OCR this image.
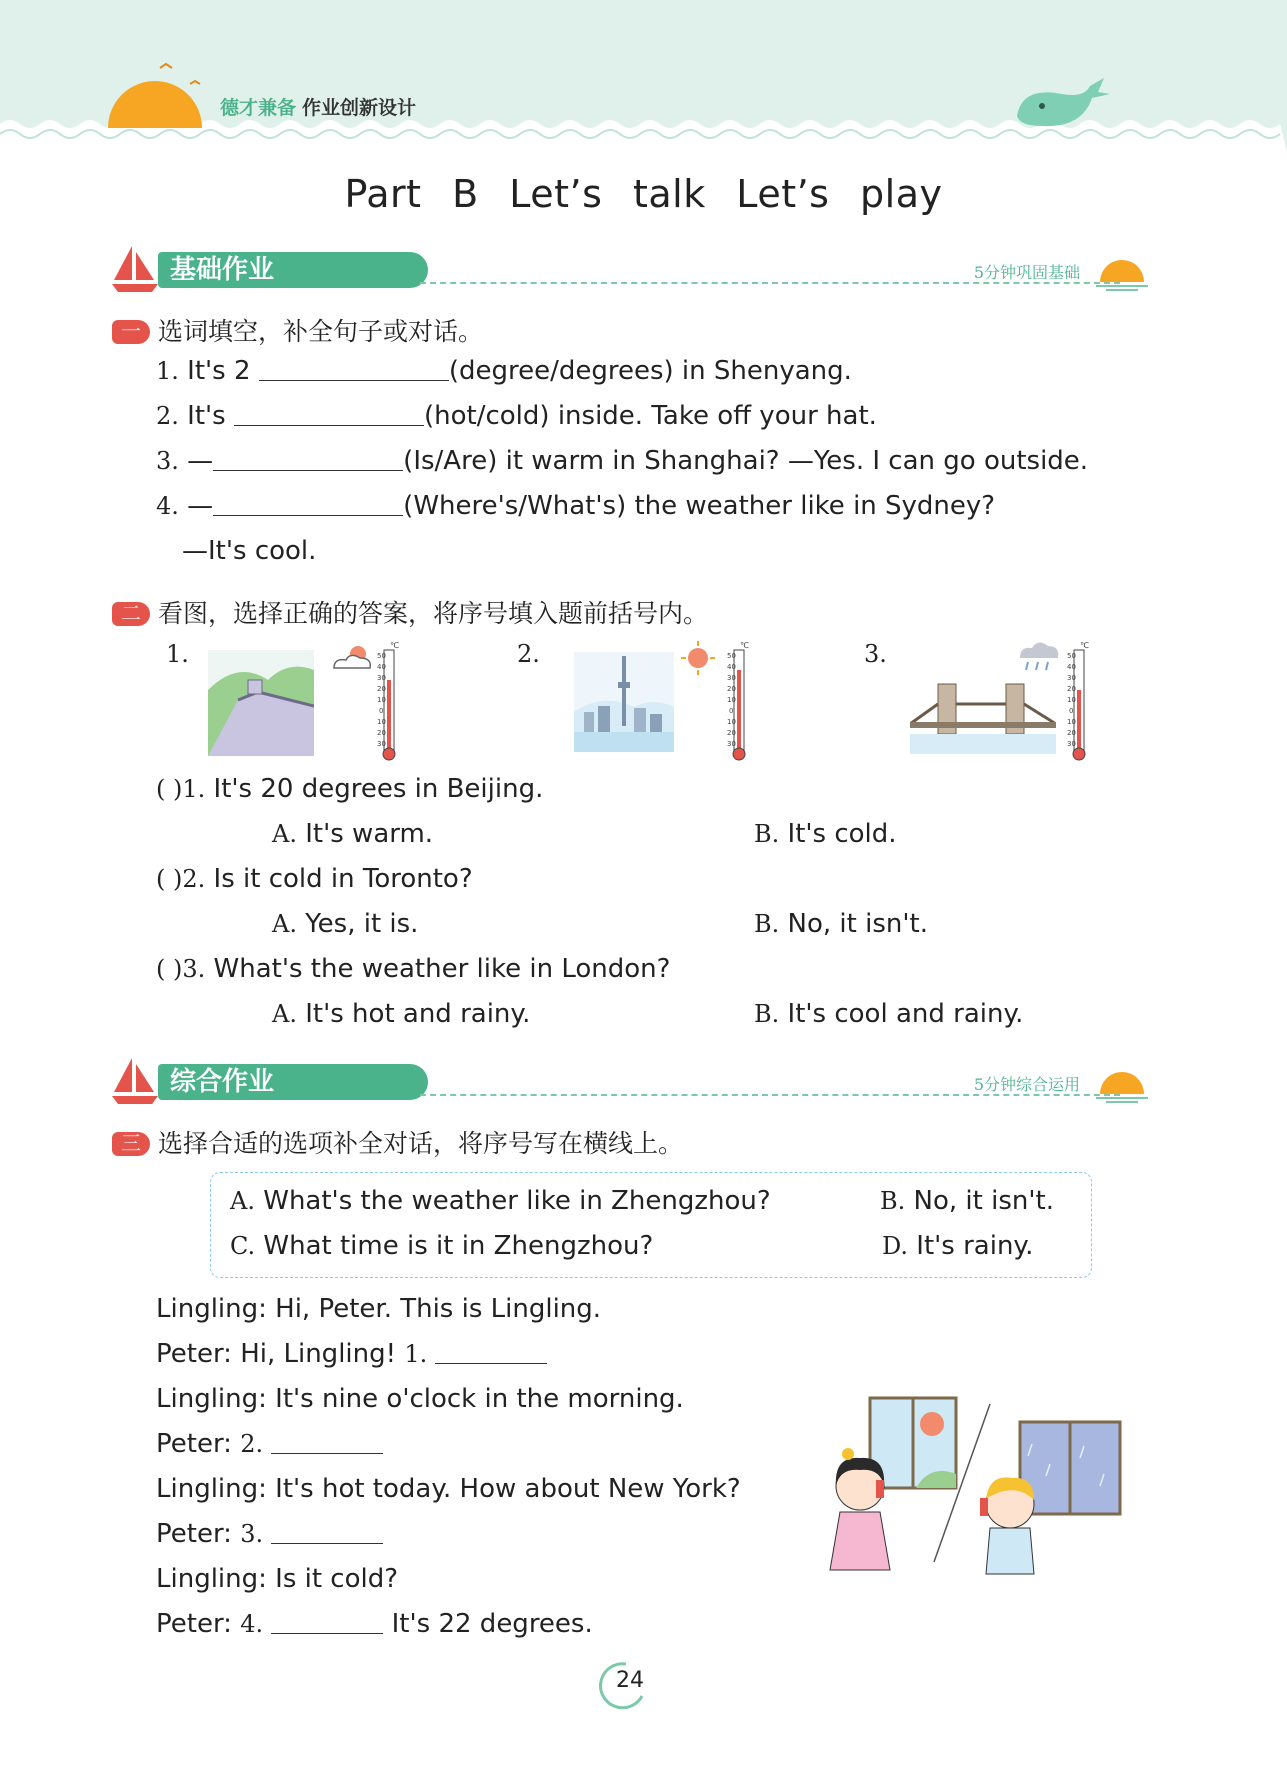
德才兼备 作业创新设计
Part B Let’s talk Let’s play
基础作业	5分钟巩固基础
一 选词填空，补全句子或对话。
1. It's 2	(degree/degrees) in Shenyang.
2. It's	(hot/cold) inside. Take off your hat.
3. —	(Is/Are) it warm in Shanghai? —Yes. I can go outside.
4. —	(Where's/What's) the weather like in Sydney?
—It's cool.
二 看图，选择正确的答案，将序号填入题前括号内。
1.	℃
50
40
30
20
10
0
10
20
30
2.	℃
50
40
30
20
10
0
10
20
30
3.	℃
50
40
30
20
10
0
10
20
30
( )1. It's 20 degrees in Beijing.
A. It's warm.	B. It's cold.
( )2. Is it cold in Toronto?
A. Yes, it is.	B. No, it isn't.
( )3. What's the weather like in London?
A. It's hot and rainy.	B. It's cool and rainy.
综合作业	5分钟综合运用
三 选择合适的选项补全对话，将序号写在横线上。
A. What's the weather like in Zhengzhou?	B. No, it isn't.
C. What time is it in Zhengzhou?	D. It's rainy.
Lingling: Hi, Peter. This is Lingling.
Peter: Hi, Lingling! 1.
Lingling: It's nine o'clock in the morning.
Peter: 2.
Lingling: It's hot today. How about New York?
Peter: 3.
Lingling: Is it cold?
Peter: 4.	It's 22 degrees.
24
